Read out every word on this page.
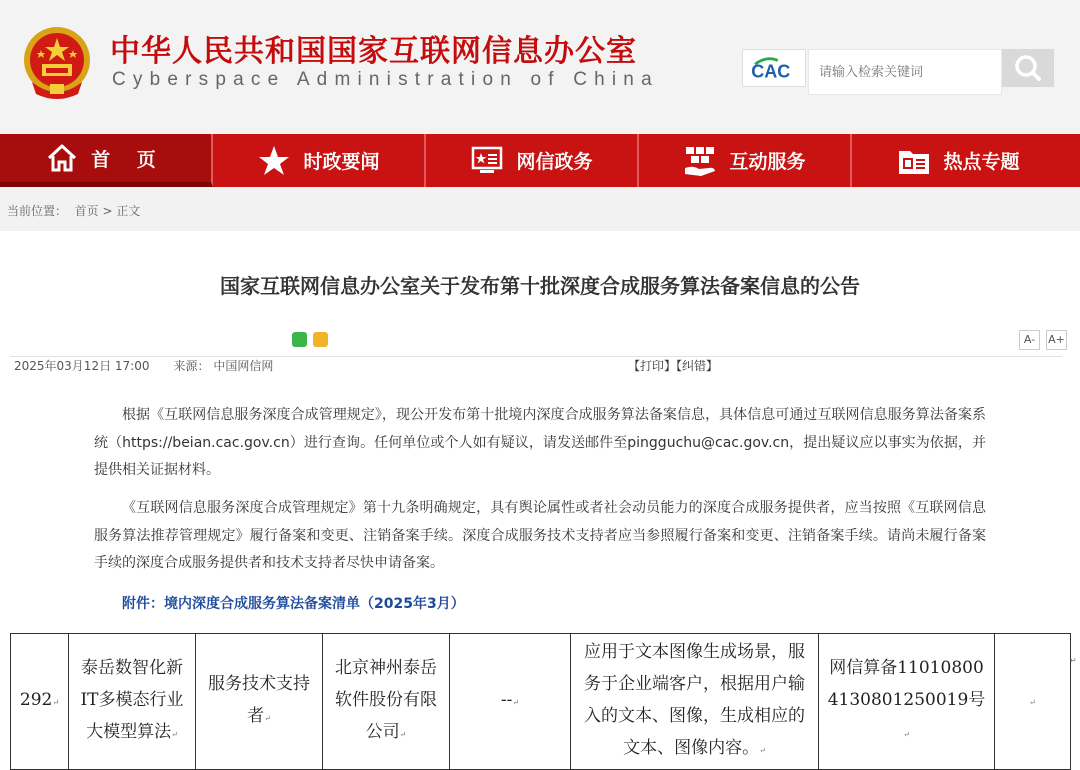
中华人民共和国国家互联网信息办公室
Cyberspace Administration of China	CAC
请输入检索关键词
首 页	时政要闻	网信政务	互动服务	热点专题
当前位置： 首页 > 正文
国家互联网信息办公室关于发布第十批深度合成服务算法备案信息的公告
A-	A+
2025年03月12日 17:00 来源： 中国网信网	【打印】【纠错】

根据《互联网信息服务深度合成管理规定》，现公开发布第十批境内深度合成服务算法备案信息，具体信息可通过互联网信息服务算法备案系统（https://beian.cac.gov.cn）进行查询。任何单位或个人如有疑议，请发送邮件至pingguchu@cac.gov.cn，提出疑议应以事实为依据，并提供相关证据材料。

《互联网信息服务深度合成管理规定》第十九条明确规定，具有舆论属性或者社会动员能力的深度合成服务提供者，应当按照《互联网信息服务算法推荐管理规定》履行备案和变更、注销备案手续。深度合成服务技术支持者应当参照履行备案和变更、注销备案手续。请尚未履行备案手续的深度合成服务提供者和技术支持者尽快申请备案。

附件：境内深度合成服务算法备案清单（2025年3月）
292↵	泰岳数智化新IT多模态行业大模型算法↵	服务技术支持者↵	北京神州泰岳软件股份有限公司↵	--↵	应用于文本图像生成场景，服务于企业端客户，根据用户输入的文本、图像，生成相应的文本、图像内容。↵	网信算备110108004130801250019号↵	↵
↵
